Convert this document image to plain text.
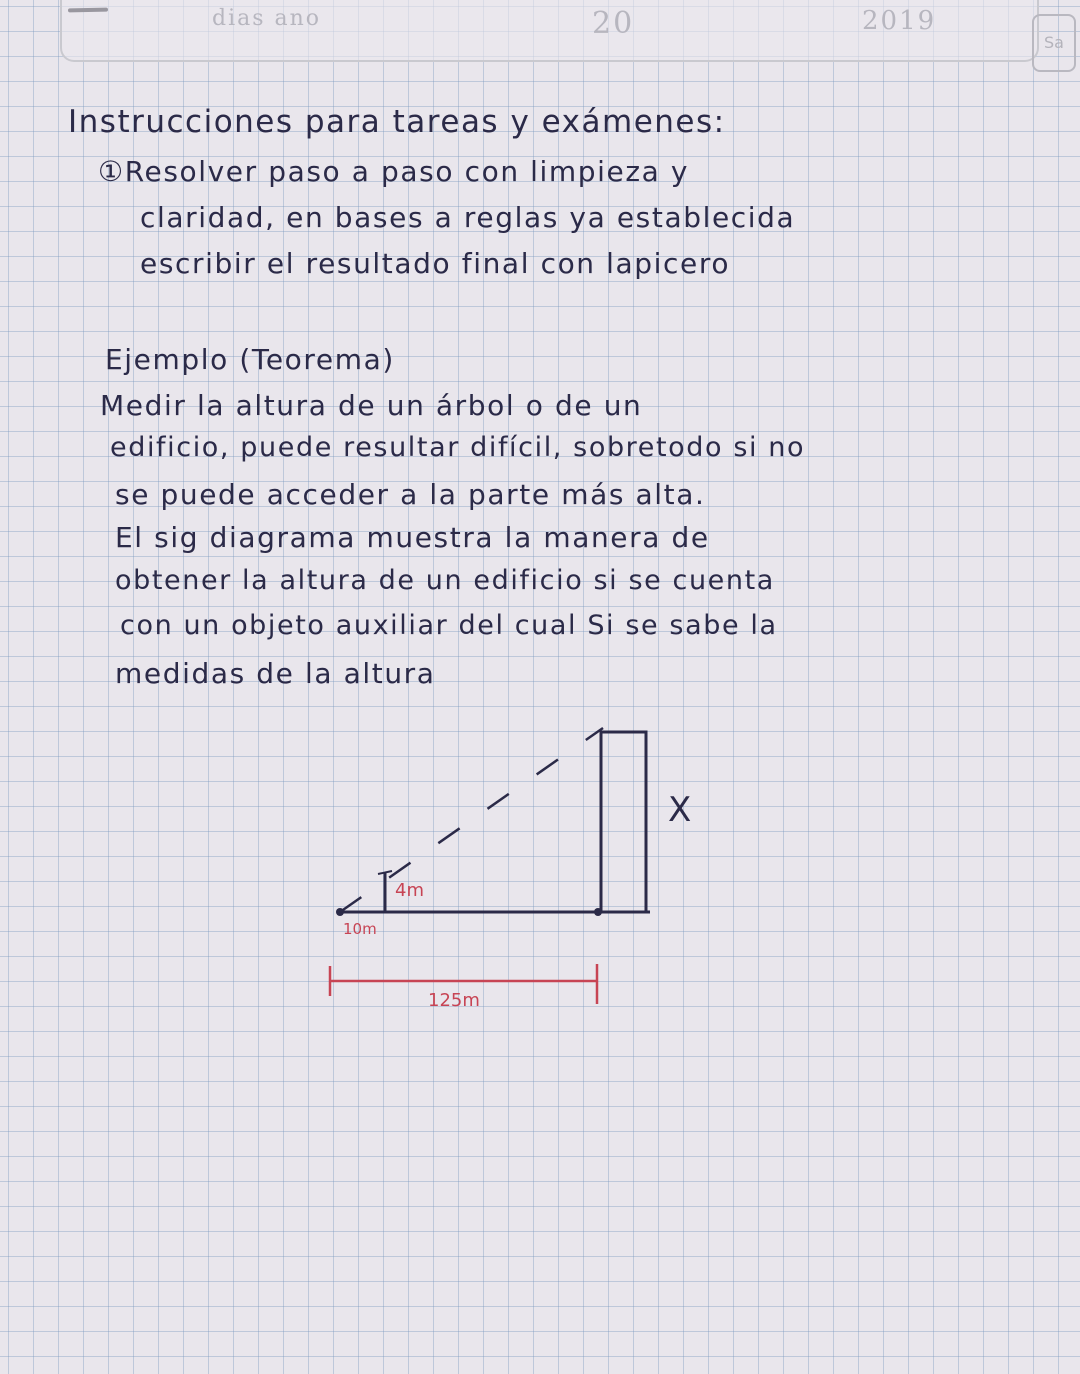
dias ano	20	2019
Sa
Instrucciones para tareas y exámenes:
①Resolver paso a paso con limpieza y
claridad, en bases a reglas ya establecida
escribir el resultado final con lapicero
Ejemplo (Teorema)
Medir la altura de un árbol o de un
edificio, puede resultar difícil, sobretodo si no
se puede acceder a la parte más alta.
El sig diagrama muestra la manera de
obtener la altura de un edificio si se cuenta
con un objeto auxiliar del cual Si se sabe la
medidas de la altura
4m
10m
125m
X
